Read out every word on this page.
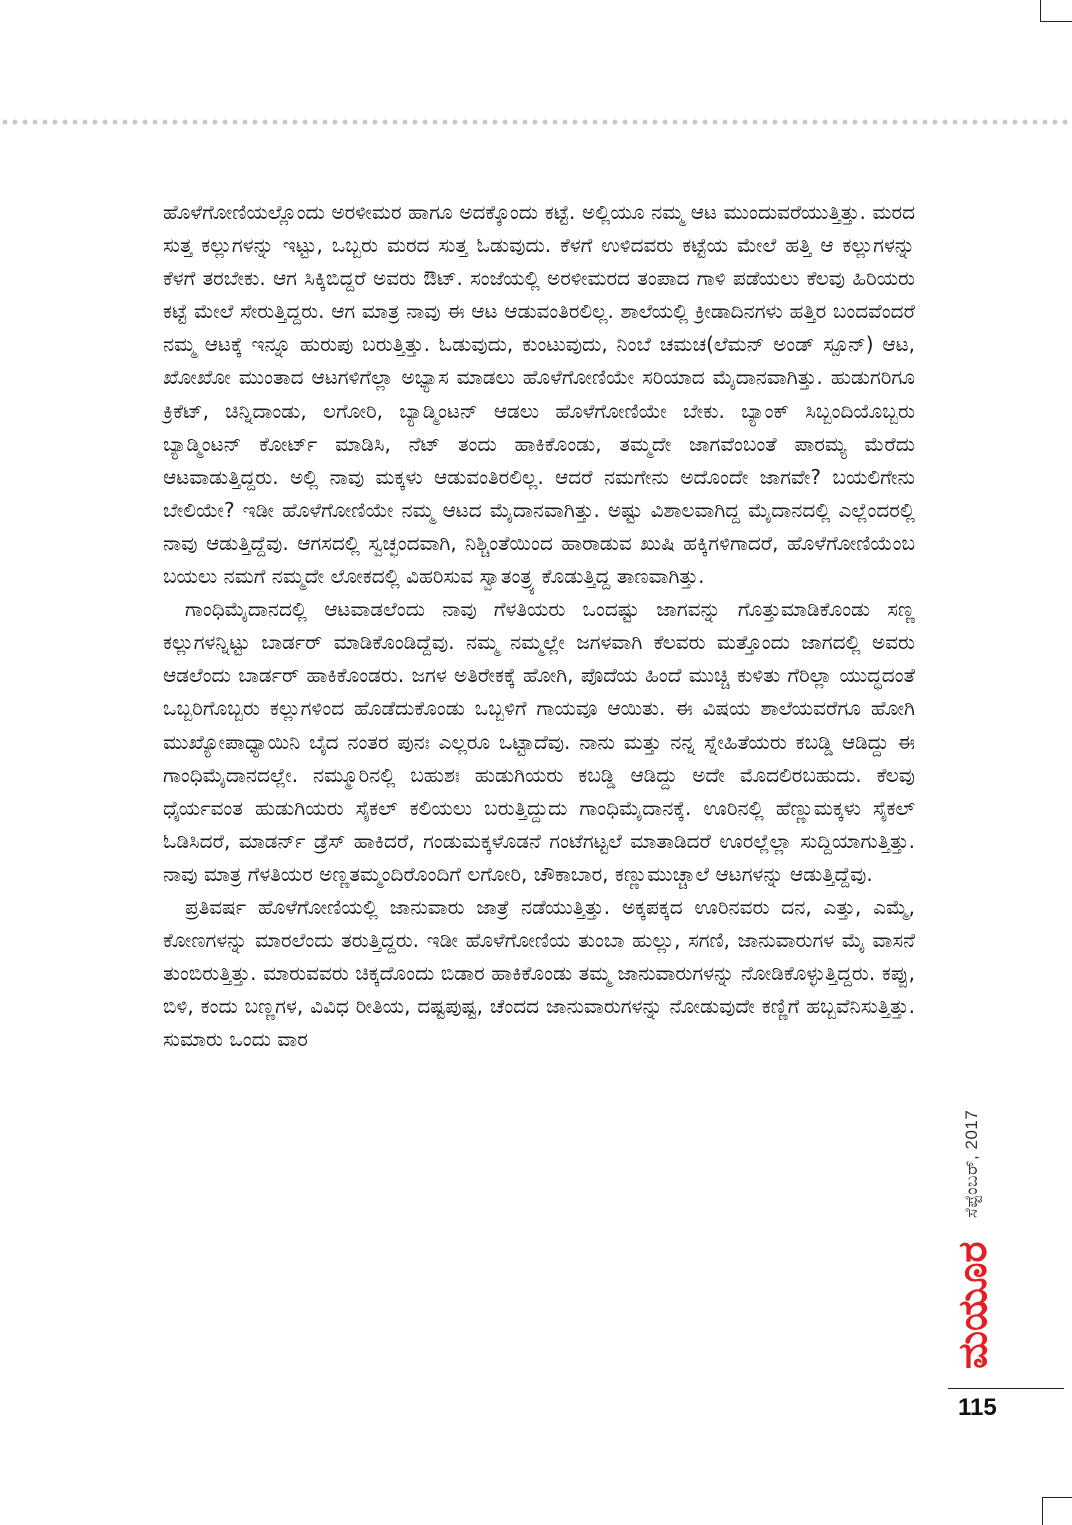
ಹೊಳೆಗೋಣಿಯಲ್ಲೊಂದು ಅರಳೀಮರ ಹಾಗೂ ಅದಕ್ಕೊಂದು ಕಟ್ಟೆ. ಅಲ್ಲಿಯೂ ನಮ್ಮ ಆಟ ಮುಂದುವರೆಯುತ್ತಿತ್ತು. ಮರದ ಸುತ್ತ ಕಲ್ಲುಗಳನ್ನು ಇಟ್ಟು, ಒಬ್ಬರು ಮರದ ಸುತ್ತ ಓಡುವುದು. ಕೆಳಗೆ ಉಳಿದವರು ಕಟ್ಟೆಯ ಮೇಲೆ ಹತ್ತಿ ಆ ಕಲ್ಲುಗಳನ್ನು ಕೆಳಗೆ ತರಬೇಕು. ಆಗ ಸಿಕ್ಕಿಬಿದ್ದರೆ ಅವರು ಔಟ್. ಸಂಜೆಯಲ್ಲಿ ಅರಳೀಮರದ ತಂಪಾದ ಗಾಳಿ ಪಡೆಯಲು ಕೆಲವು ಹಿರಿಯರು ಕಟ್ಟೆ ಮೇಲೆ ಸೇರುತ್ತಿದ್ದರು. ಆಗ ಮಾತ್ರ ನಾವು ಈ ಆಟ ಆಡುವಂತಿರಲಿಲ್ಲ. ಶಾಲೆಯಲ್ಲಿ ಕ್ರೀಡಾದಿನಗಳು ಹತ್ತಿರ ಬಂದವೆಂದರೆ ನಮ್ಮ ಆಟಕ್ಕೆ ಇನ್ನೂ ಹುರುಪು ಬರುತ್ತಿತ್ತು. ಓಡುವುದು, ಕುಂಟುವುದು, ನಿಂಬೆ ಚಮಚ(ಲೆಮನ್ ಅಂಡ್ ಸ್ಪೂನ್) ಆಟ, ಖೋಖೋ ಮುಂತಾದ ಆಟಗಳಿಗೆಲ್ಲಾ ಅಭ್ಯಾಸ ಮಾಡಲು ಹೊಳೆಗೋಣಿಯೇ ಸರಿಯಾದ ಮೈದಾನವಾಗಿತ್ತು. ಹುಡುಗರಿಗೂ ಕ್ರಿಕೆಟ್, ಚಿನ್ನಿದಾಂಡು, ಲಗೋರಿ, ಬ್ಯಾಡ್ಮಿಂಟನ್ ಆಡಲು ಹೊಳೆಗೋಣಿಯೇ ಬೇಕು. ಬ್ಯಾಂಕ್ ಸಿಬ್ಬಂದಿಯೊಬ್ಬರು ಬ್ಯಾಡ್ಮಿಂಟನ್ ಕೋರ್ಟ್ ಮಾಡಿಸಿ, ನೆಟ್ ತಂದು ಹಾಕಿಕೊಂಡು, ತಮ್ಮದೇ ಜಾಗವೆಂಬಂತೆ ಪಾರಮ್ಯ ಮೆರೆದು ಆಟವಾಡುತ್ತಿದ್ದರು. ಅಲ್ಲಿ ನಾವು ಮಕ್ಕಳು ಆಡುವಂತಿರಲಿಲ್ಲ. ಆದರೆ ನಮಗೇನು ಅದೊಂದೇ ಜಾಗವೇ? ಬಯಲಿಗೇನು ಬೇಲಿಯೇ? ಇಡೀ ಹೊಳೆಗೋಣಿಯೇ ನಮ್ಮ ಆಟದ ಮೈದಾನವಾಗಿತ್ತು. ಅಷ್ಟು ವಿಶಾಲವಾಗಿದ್ದ ಮೈದಾನದಲ್ಲಿ ಎಲ್ಲೆಂದರಲ್ಲಿ ನಾವು ಆಡುತ್ತಿದ್ದೆವು. ಆಗಸದಲ್ಲಿ ಸ್ವಚ್ಛಂದವಾಗಿ, ನಿಶ್ಚಿಂತೆಯಿಂದ ಹಾರಾಡುವ ಖುಷಿ ಹಕ್ಕಿಗಳಿಗಾದರೆ, ಹೊಳೆಗೋಣಿಯೆಂಬ ಬಯಲು ನಮಗೆ ನಮ್ಮದೇ ಲೋಕದಲ್ಲಿ ವಿಹರಿಸುವ ಸ್ವಾತಂತ್ರ್ಯ ಕೊಡುತ್ತಿದ್ದ ತಾಣವಾಗಿತ್ತು.

ಗಾಂಧಿಮೈದಾನದಲ್ಲಿ ಆಟವಾಡಲೆಂದು ನಾವು ಗೆಳತಿಯರು ಒಂದಷ್ಟು ಜಾಗವನ್ನು ಗೊತ್ತುಮಾಡಿಕೊಂಡು ಸಣ್ಣ ಕಲ್ಲುಗಳನ್ನಿಟ್ಟು ಬಾರ್ಡರ್ ಮಾಡಿಕೊಂಡಿದ್ದೆವು. ನಮ್ಮ ನಮ್ಮಲ್ಲೇ ಜಗಳವಾಗಿ ಕೆಲವರು ಮತ್ತೊಂದು ಜಾಗದಲ್ಲಿ ಅವರು ಆಡಲೆಂದು ಬಾರ್ಡರ್ ಹಾಕಿಕೊಂಡರು. ಜಗಳ ಅತಿರೇಕಕ್ಕೆ ಹೋಗಿ, ಪೊದೆಯ ಹಿಂದೆ ಮುಚ್ಚಿ ಕುಳಿತು ಗೆರಿಲ್ಲಾ ಯುದ್ಧದಂತೆ ಒಬ್ಬರಿಗೊಬ್ಬರು ಕಲ್ಲುಗಳಿಂದ ಹೊಡೆದುಕೊಂಡು ಒಬ್ಬಳಿಗೆ ಗಾಯವೂ ಆಯಿತು. ಈ ವಿಷಯ ಶಾಲೆಯವರೆಗೂ ಹೋಗಿ ಮುಖ್ಯೋಪಾಧ್ಯಾಯಿನಿ ಬೈದ ನಂತರ ಪುನಃ ಎಲ್ಲರೂ ಒಟ್ಟಾದೆವು. ನಾನು ಮತ್ತು ನನ್ನ ಸ್ನೇಹಿತೆಯರು ಕಬಡ್ಡಿ ಆಡಿದ್ದು ಈ ಗಾಂಧಿಮೈದಾನದಲ್ಲೇ. ನಮ್ಮೂರಿನಲ್ಲಿ ಬಹುಶಃ ಹುಡುಗಿಯರು ಕಬಡ್ಡಿ ಆಡಿದ್ದು ಅದೇ ಮೊದಲಿರಬಹುದು. ಕೆಲವು ಧೈರ್ಯವಂತ ಹುಡುಗಿಯರು ಸೈಕಲ್ ಕಲಿಯಲು ಬರುತ್ತಿದ್ದುದು ಗಾಂಧಿಮೈದಾನಕ್ಕೆ. ಊರಿನಲ್ಲಿ ಹೆಣ್ಣುಮಕ್ಕಳು ಸೈಕಲ್ ಓಡಿಸಿದರೆ, ಮಾಡರ್ನ್ ಡ್ರೆಸ್ ಹಾಕಿದರೆ, ಗಂಡುಮಕ್ಕಳೊಡನೆ ಗಂಟೆಗಟ್ಟಲೆ ಮಾತಾಡಿದರೆ ಊರಲ್ಲೆಲ್ಲಾ ಸುದ್ದಿಯಾಗುತ್ತಿತ್ತು. ನಾವು ಮಾತ್ರ ಗೆಳತಿಯರ ಅಣ್ಣತಮ್ಮಂದಿರೊಂದಿಗೆ ಲಗೋರಿ, ಚೌಕಾಬಾರ, ಕಣ್ಣುಮುಚ್ಚಾಲೆ ಆಟಗಳನ್ನು ಆಡುತ್ತಿದ್ದೆವು.

ಪ್ರತಿವರ್ಷ ಹೊಳೆಗೋಣಿಯಲ್ಲಿ ಜಾನುವಾರು ಜಾತ್ರೆ ನಡೆಯುತ್ತಿತ್ತು. ಅಕ್ಕಪಕ್ಕದ ಊರಿನವರು ದನ, ಎತ್ತು, ಎಮ್ಮೆ, ಕೋಣಗಳನ್ನು ಮಾರಲೆಂದು ತರುತ್ತಿದ್ದರು. ಇಡೀ ಹೊಳೆಗೋಣಿಯ ತುಂಬಾ ಹುಲ್ಲು, ಸಗಣಿ, ಜಾನುವಾರುಗಳ ಮೈ ವಾಸನೆ ತುಂಬಿರುತ್ತಿತ್ತು. ಮಾರುವವರು ಚಿಕ್ಕದೊಂದು ಬಿಡಾರ ಹಾಕಿಕೊಂಡು ತಮ್ಮ ಜಾನುವಾರುಗಳನ್ನು ನೋಡಿಕೊಳ್ಳುತ್ತಿದ್ದರು. ಕಪ್ಪು, ಬಿಳಿ, ಕಂದು ಬಣ್ಣಗಳ, ವಿವಿಧ ರೀತಿಯ, ದಷ್ಟಪುಷ್ಟ, ಚೆಂದದ ಜಾನುವಾರುಗಳನ್ನು ನೋಡುವುದೇ ಕಣ್ಣಿಗೆ ಹಬ್ಬವೆನಿಸುತ್ತಿತ್ತು. ಸುಮಾರು ಒಂದು ವಾರ

ಸೆಪ್ಟೆಂಬರ್, 2017
ಮಯೂರ
115
